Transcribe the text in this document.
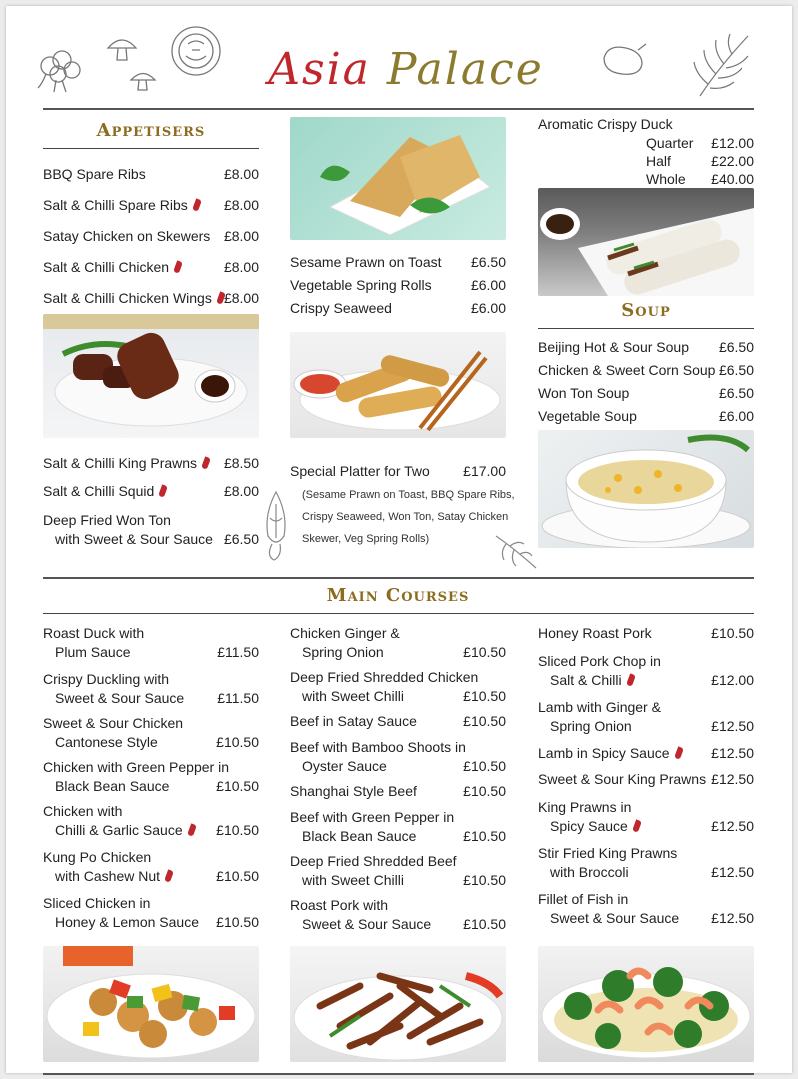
Asia Palace
Appetisers
BBQ Spare Ribs	£8.00
Salt & Chilli Spare Ribs	£8.00
Satay Chicken on Skewers £8.00
Salt & Chilli Chicken	£8.00
Salt & Chilli Chicken Wings £8.00
Salt & Chilli King Prawns £8.50
Salt & Chilli Squid	£8.00
Deep Fried Won Ton
with Sweet & Sour Sauce £6.50
Sesame Prawn on Toast £6.50
Vegetable Spring Rolls	£6.00
Crispy Seaweed	£6.00
Special Platter for Two £17.00
(Sesame Prawn on Toast, BBQ Spare Ribs,
Crispy Seaweed, Won Ton, Satay Chicken
Skewer, Veg Spring Rolls)
Aromatic Crispy Duck
Quarter £12.00
Half	£22.00
Whole £40.00
Soup
Beijing Hot & Sour Soup £6.50
Chicken & Sweet Corn Soup £6.50
Won Ton Soup	£6.50
Vegetable Soup	£6.00
Main Courses
Roast Duck with
Plum Sauce	£11.50
Crispy Duckling with
Sweet & Sour Sauce £11.50
Sweet & Sour Chicken
Cantonese Style	£10.50
Chicken with Green Pepper in
Black Bean Sauce	£10.50
Chicken with
Chilli & Garlic Sauce £10.50
Kung Po Chicken
with Cashew Nut	£10.50
Sliced Chicken in
Honey & Lemon Sauce £10.50
Chicken Ginger &
Spring Onion	£10.50
Deep Fried Shredded Chicken
with Sweet Chilli	£10.50
Beef in Satay Sauce	£10.50
Beef with Bamboo Shoots in
Oyster Sauce	£10.50
Shanghai Style Beef	£10.50
Beef with Green Pepper in
Black Bean Sauce	£10.50
Deep Fried Shredded Beef
with Sweet Chilli	£10.50
Roast Pork with
Sweet & Sour Sauce £10.50
Honey Roast Pork	£10.50
Sliced Pork Chop in
Salt & Chilli	£12.00
Lamb with Ginger &
Spring Onion	£12.50
Lamb in Spicy Sauce	£12.50
Sweet & Sour King Prawns £12.50
King Prawns in
Spicy Sauce	£12.50
Stir Fried King Prawns
with Broccoli	£12.50
Fillet of Fish in
Sweet & Sour Sauce £12.50
